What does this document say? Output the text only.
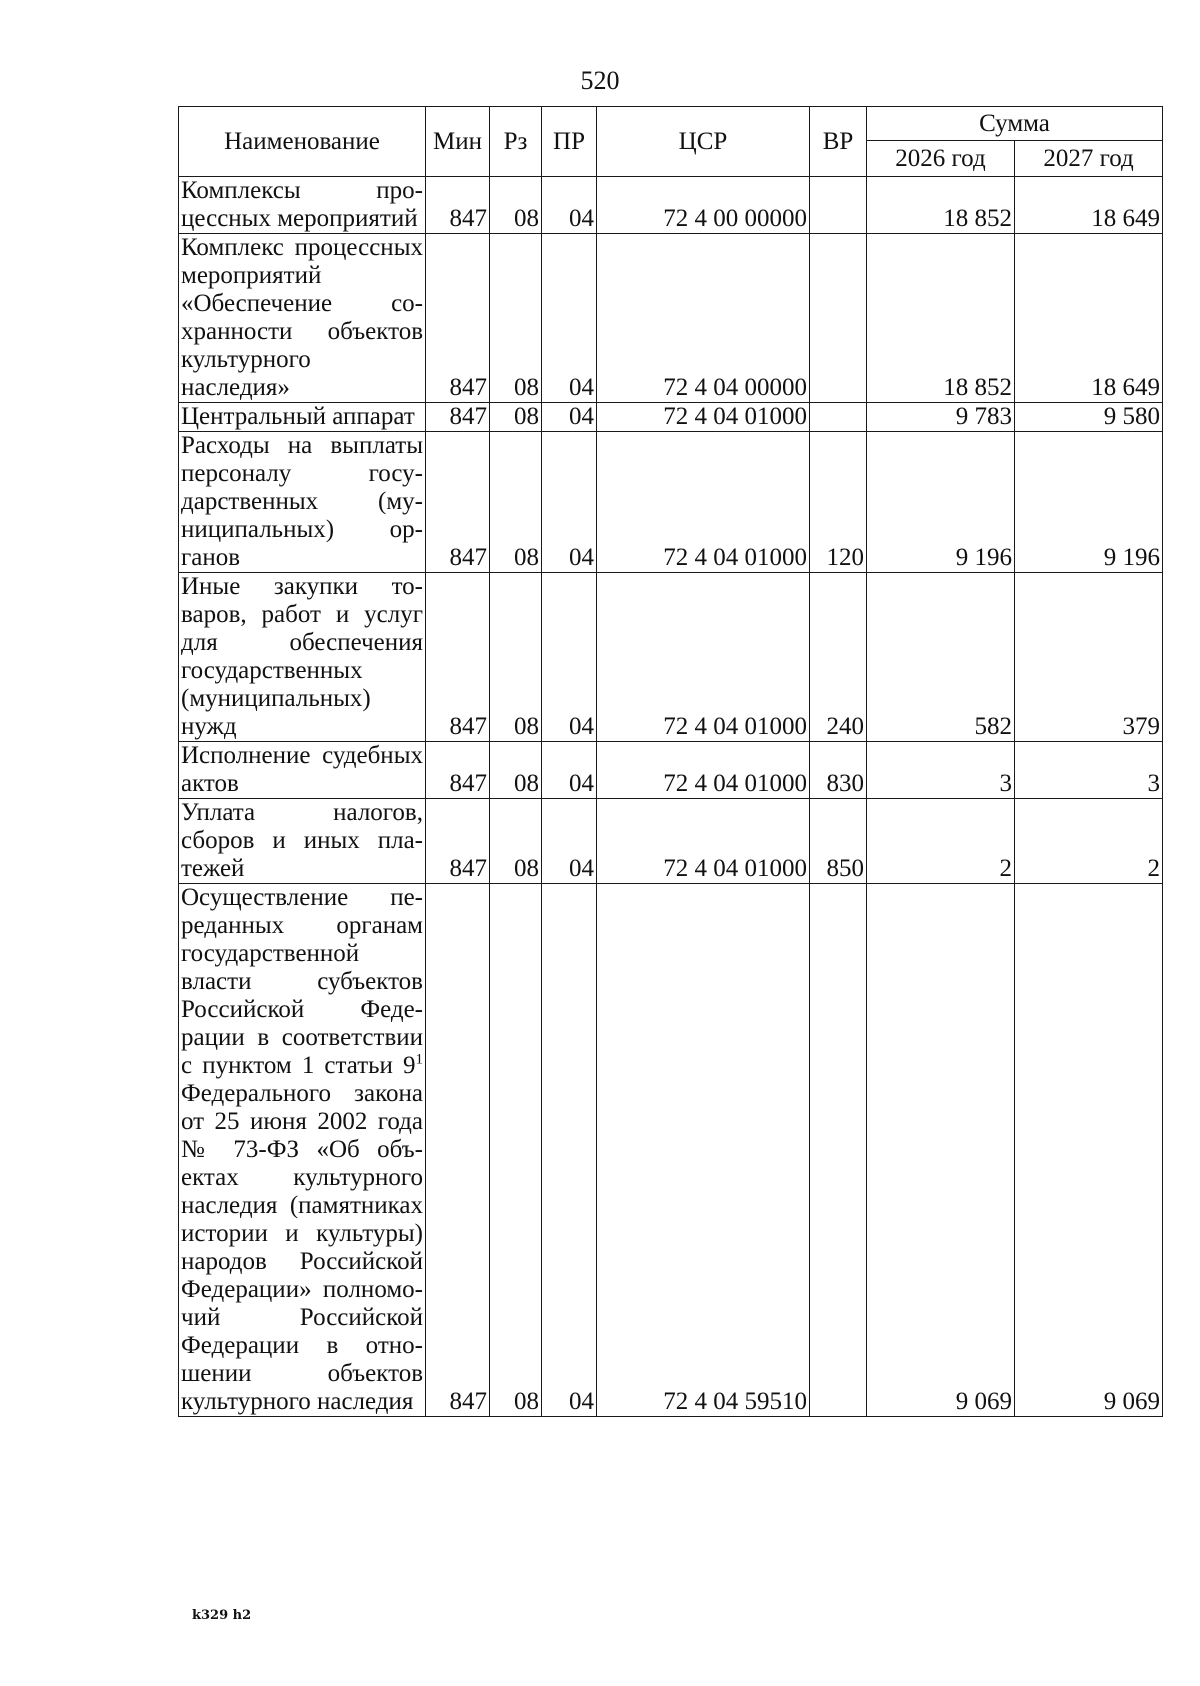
520
Наименование	Мин	Рз	ПР	ЦСР	ВР	Сумма	
						2026 год	2027 год
Комплексы процессных мероприятий	847	08	04	72 4 00 00000		18 852	18 649
Комплекс процессных мероприятий «Обеспечение сохранности объектов культурного наследия»	847	08	04	72 4 04 00000		18 852	18 649
Центральный аппарат	847	08	04	72 4 04 01000		9 783	9 580
Расходы на выплаты персоналу государственных (муниципальных) органов	847	08	04	72 4 04 01000	120	9 196	9 196
Иные закупки товаров, работ и услуг для обеспечения государственных (муниципальных) нужд	847	08	04	72 4 04 01000	240	582	379
Исполнение судебных актов	847	08	04	72 4 04 01000	830	3	3
Уплата налогов, сборов и иных платежей	847	08	04	72 4 04 01000	850	2	2
Осуществление переданных органам государственной власти субъектов Российской Федерации в соответствии с пунктом 1 статьи $9^1$ Федерального закона от 25 июня 2002 года № 73-ФЗ «Об объектах культурного наследия (памятниках истории и культуры) народов Российской Федерации» полномочий Российской Федерации в отношении объектов культурного наследия	847	08	04	72 4 04 59510		9 069	9 069
k329 h2
